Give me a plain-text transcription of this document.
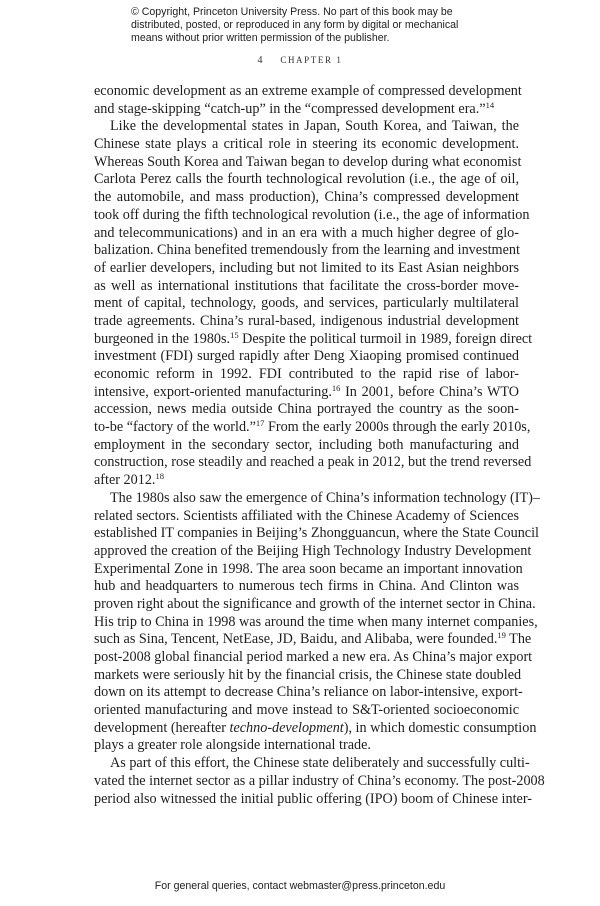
© Copyright, Princeton University Press. No part of this book may be
distributed, posted, or reproduced in any form by digital or mechanical
means without prior written permission of the publisher.
4 CHAPTER 1
economic development as an extreme example of compressed development
and stage-skipping “catch-up” in the “compressed development era.”$^{14}$
Like the developmental states in Japan, South Korea, and Taiwan, the
Chinese state plays a critical role in steering its economic development.
Whereas South Korea and Taiwan began to develop during what economist
Carlota Perez calls the fourth technological revolution (i.e., the age of oil,
the automobile, and mass production), China’s compressed development
took off during the fifth technological revolution (i.e., the age of information
and telecommunications) and in an era with a much higher degree of glo-
balization. China benefited tremendously from the learning and investment
of earlier developers, including but not limited to its East Asian neighbors
as well as international institutions that facilitate the cross-border move-
ment of capital, technology, goods, and services, particularly multilateral
trade agreements. China’s rural-based, indigenous industrial development
burgeoned in the 1980s.$^{15}$ Despite the political turmoil in 1989, foreign direct
investment (FDI) surged rapidly after Deng Xiaoping promised continued
economic reform in 1992. FDI contributed to the rapid rise of labor-
intensive, export-oriented manufacturing.$^{16}$ In 2001, before China’s WTO
accession, news media outside China portrayed the country as the soon-
to-be “factory of the world.”$^{17}$ From the early 2000s through the early 2010s,
employment in the secondary sector, including both manufacturing and
construction, rose steadily and reached a peak in 2012, but the trend reversed
after 2012.18
The 1980s also saw the emergence of China’s information technology (IT)–
related sectors. Scientists affiliated with the Chinese Academy of Sciences
established IT companies in Beijing’s Zhongguancun, where the State Council
approved the creation of the Beijing High Technology Industry Development
Experimental Zone in 1998. The area soon became an important innovation
hub and headquarters to numerous tech firms in China. And Clinton was
proven right about the significance and growth of the internet sector in China.
His trip to China in 1998 was around the time when many internet companies,
such as Sina, Tencent, NetEase, JD, Baidu, and Alibaba, were founded.$^{19}$ The
post-2008 global financial period marked a new era. As China’s major export
markets were seriously hit by the financial crisis, the Chinese state doubled
down on its attempt to decrease China’s reliance on labor-intensive, export-
oriented manufacturing and move instead to S&T-oriented socioeconomic
development (hereafter techno-development), in which domestic consumption
plays a greater role alongside international trade.
As part of this effort, the Chinese state deliberately and successfully culti-
vated the internet sector as a pillar industry of China’s economy. The post-2008
period also witnessed the initial public offering (IPO) boom of Chinese inter-
For general queries, contact webmaster@press.princeton.edu
